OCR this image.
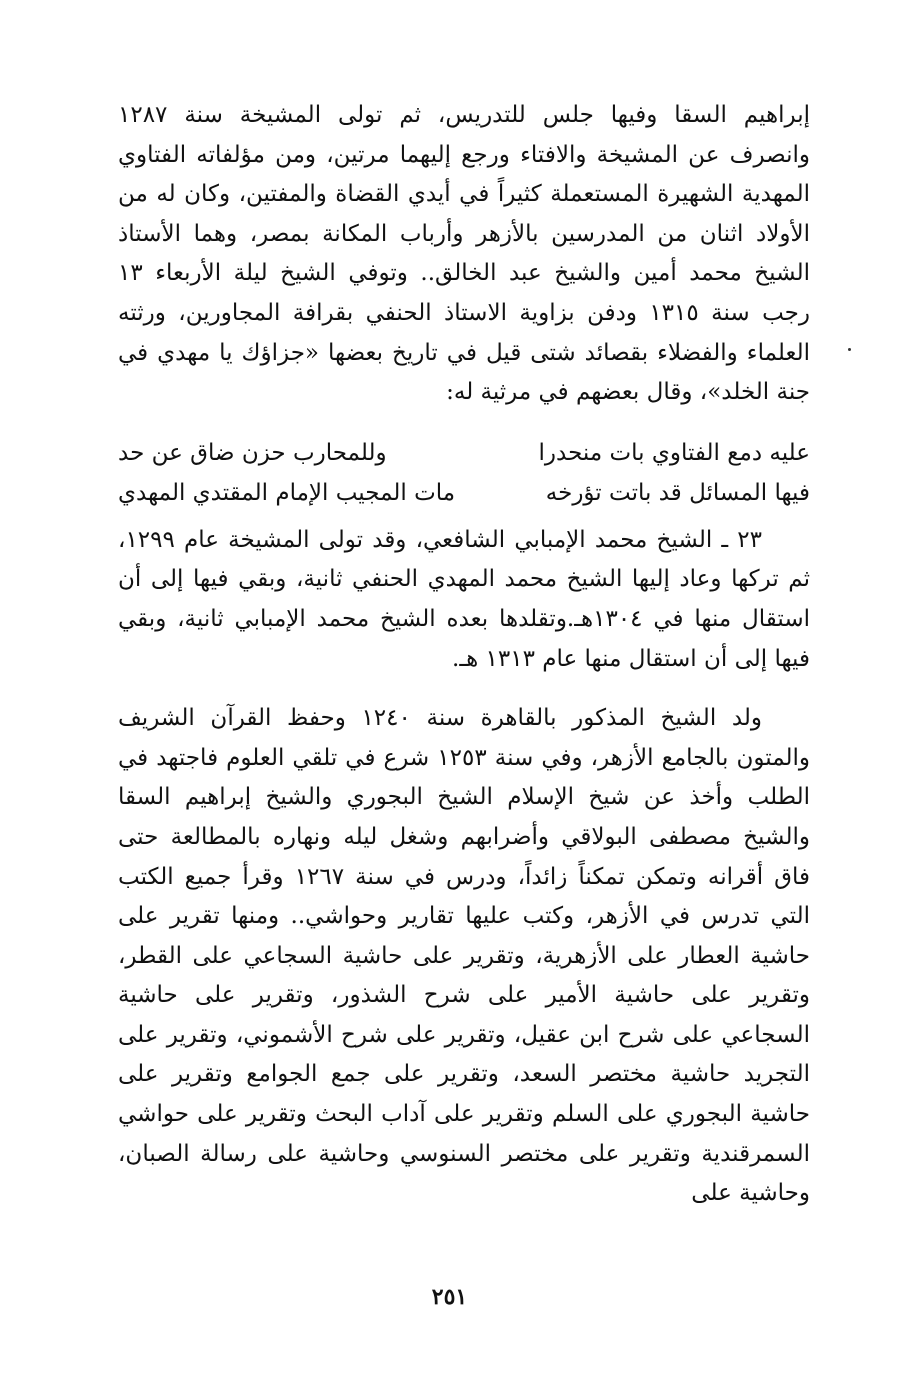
إبراهيم السقا وفيها جلس للتدريس، ثم تولى المشيخة سنة ١٢٨٧ وانصرف عن المشيخة والافتاء ورجع إليهما مرتين، ومن مؤلفاته الفتاوي المهدية الشهيرة المستعملة كثيراً في أيدي القضاة والمفتين، وكان له من الأولاد اثنان من المدرسين بالأزهر وأرباب المكانة بمصر، وهما الأستاذ الشيخ محمد أمين والشيخ عبد الخالق.. وتوفي الشيخ ليلة الأربعاء ١٣ رجب سنة ١٣١٥ ودفن بزاوية الاستاذ الحنفي بقرافة المجاورين، ورثته العلماء والفضلاء بقصائد شتى قيل في تاريخ بعضها «جزاؤك يا مهدي في جنة الخلد»، وقال بعضهم في مرثية له:

عليه دمع الفتاوي بات منحدرا
وللمحارب حزن ضاق عن حد
فيها المسائل قد باتت تؤرخه
مات المجيب الإمام المقتدي المهدي

٢٣ ـ الشيخ محمد الإمبابي الشافعي، وقد تولى المشيخة عام ١٢٩٩، ثم تركها وعاد إليها الشيخ محمد المهدي الحنفي ثانية، وبقي فيها إلى أن استقال منها في ١٣٠٤هـ.وتقلدها بعده الشيخ محمد الإمبابي ثانية، وبقي فيها إلى أن استقال منها عام ١٣١٣ هـ.

ولد الشيخ المذكور بالقاهرة سنة ١٢٤٠ وحفظ القرآن الشريف والمتون بالجامع الأزهر، وفي سنة ١٢٥٣ شرع في تلقي العلوم فاجتهد في الطلب وأخذ عن شيخ الإسلام الشيخ البجوري والشيخ إبراهيم السقا والشيخ مصطفى البولاقي وأضرابهم وشغل ليله ونهاره بالمطالعة حتى فاق أقرانه وتمكن تمكناً زائداً، ودرس في سنة ١٢٦٧ وقرأ جميع الكتب التي تدرس في الأزهر، وكتب عليها تقارير وحواشي.. ومنها تقرير على حاشية العطار على الأزهرية، وتقرير على حاشية السجاعي على القطر، وتقرير على حاشية الأمير على شرح الشذور، وتقرير على حاشية السجاعي على شرح ابن عقيل، وتقرير على شرح الأشموني، وتقرير على التجريد حاشية مختصر السعد، وتقرير على جمع الجوامع وتقرير على حاشية البجوري على السلم وتقرير على آداب البحث وتقرير على حواشي السمرقندية وتقرير على مختصر السنوسي وحاشية على رسالة الصبان، وحاشية على

٢٥١
